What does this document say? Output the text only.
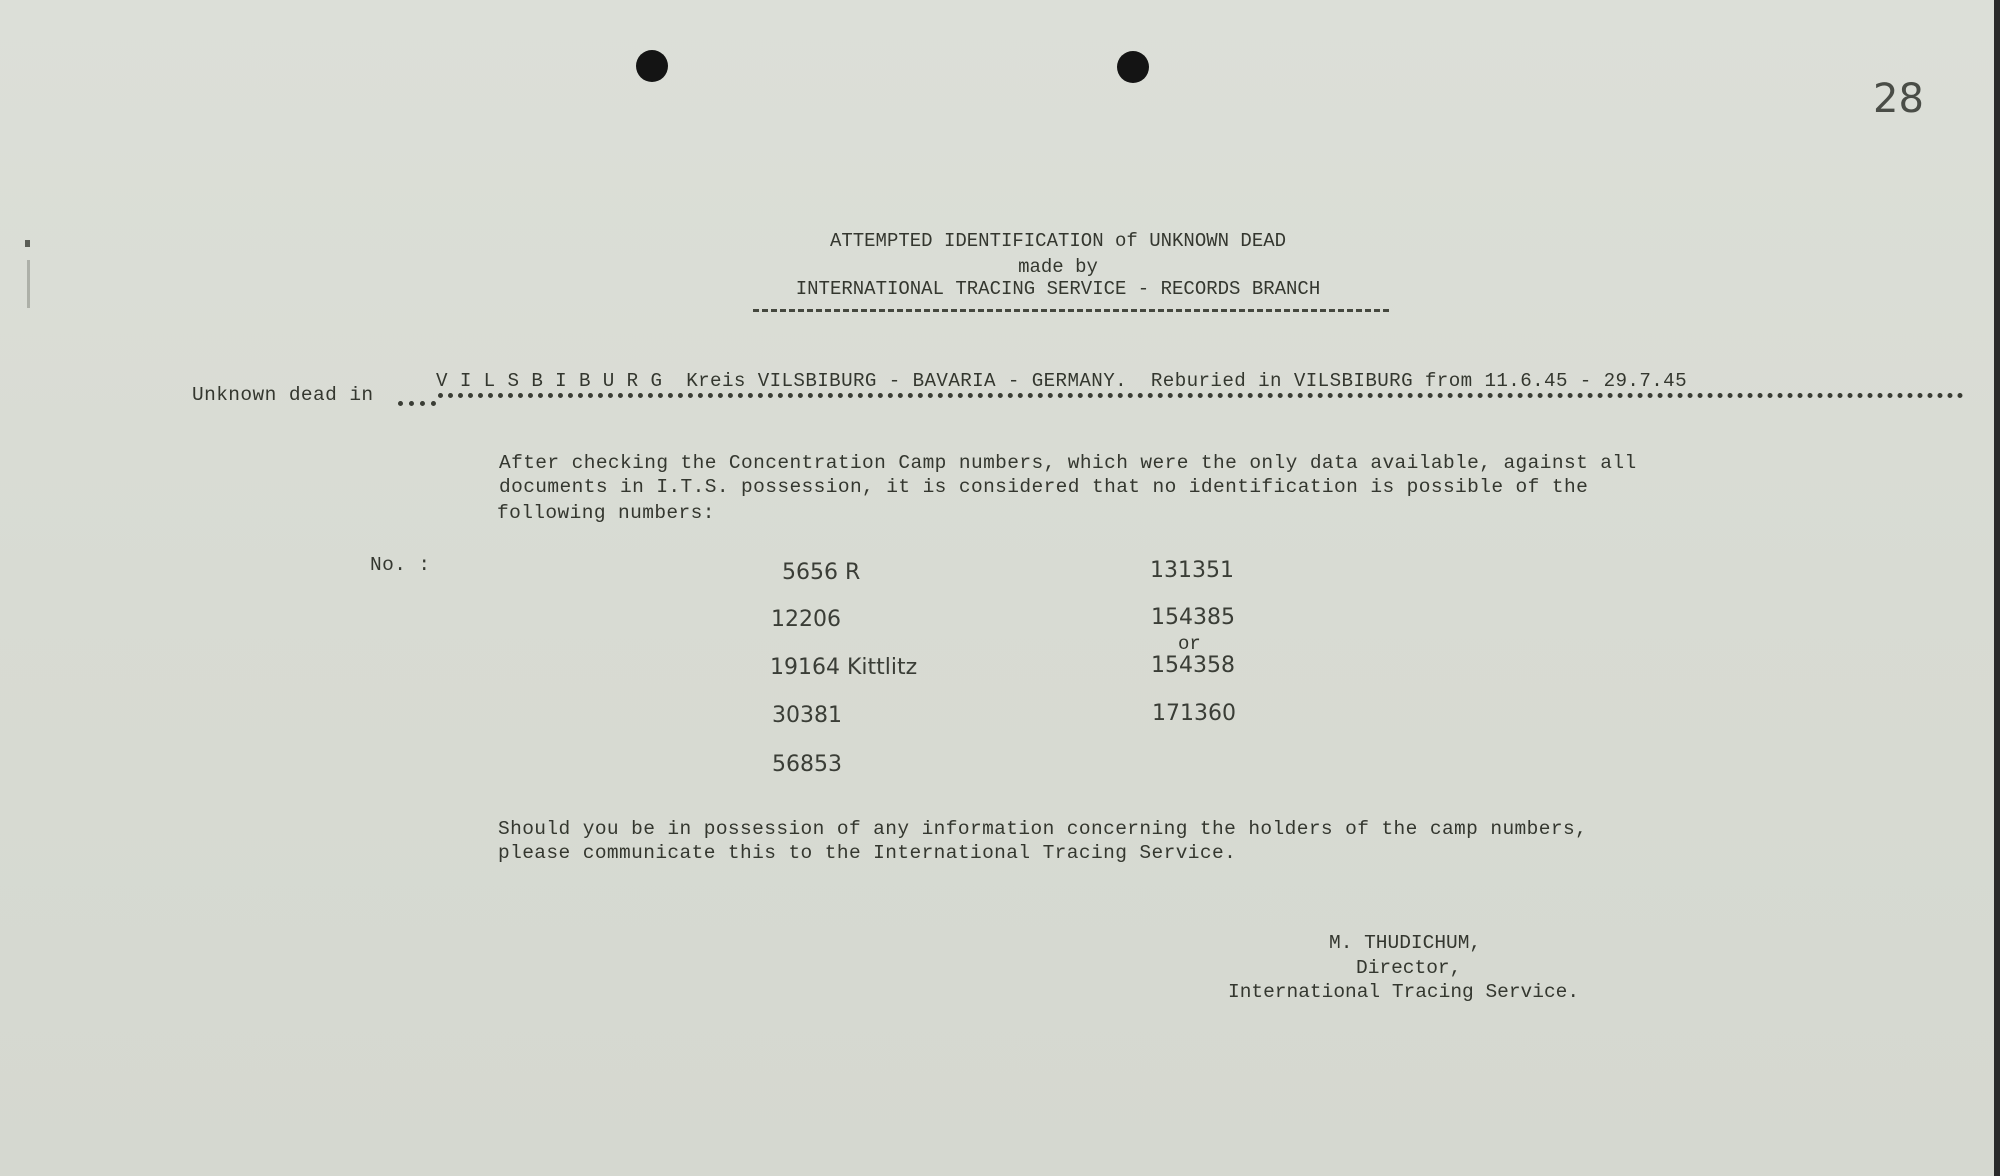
28
ATTEMPTED IDENTIFICATION of UNKNOWN DEAD
made by
INTERNATIONAL TRACING SERVICE - RECORDS BRANCH
Unknown dead in
V I L S B I B U R G  Kreis VILSBIBURG - BAVARIA - GERMANY.  Reburied in VILSBIBURG from 11.6.45 - 29.7.45
After checking the Concentration Camp numbers, which were the only data available, against all
documents in I.T.S. possession, it is considered that no identification is possible of the
following numbers:
No. :	5656 R
12206
19164 Kittlitz
30381
56853
131351
154385
or
154358
171360
Should you be in possession of any information concerning the holders of the camp numbers,
please communicate this to the International Tracing Service.
M. THUDICHUM,
Director,
International Tracing Service.
